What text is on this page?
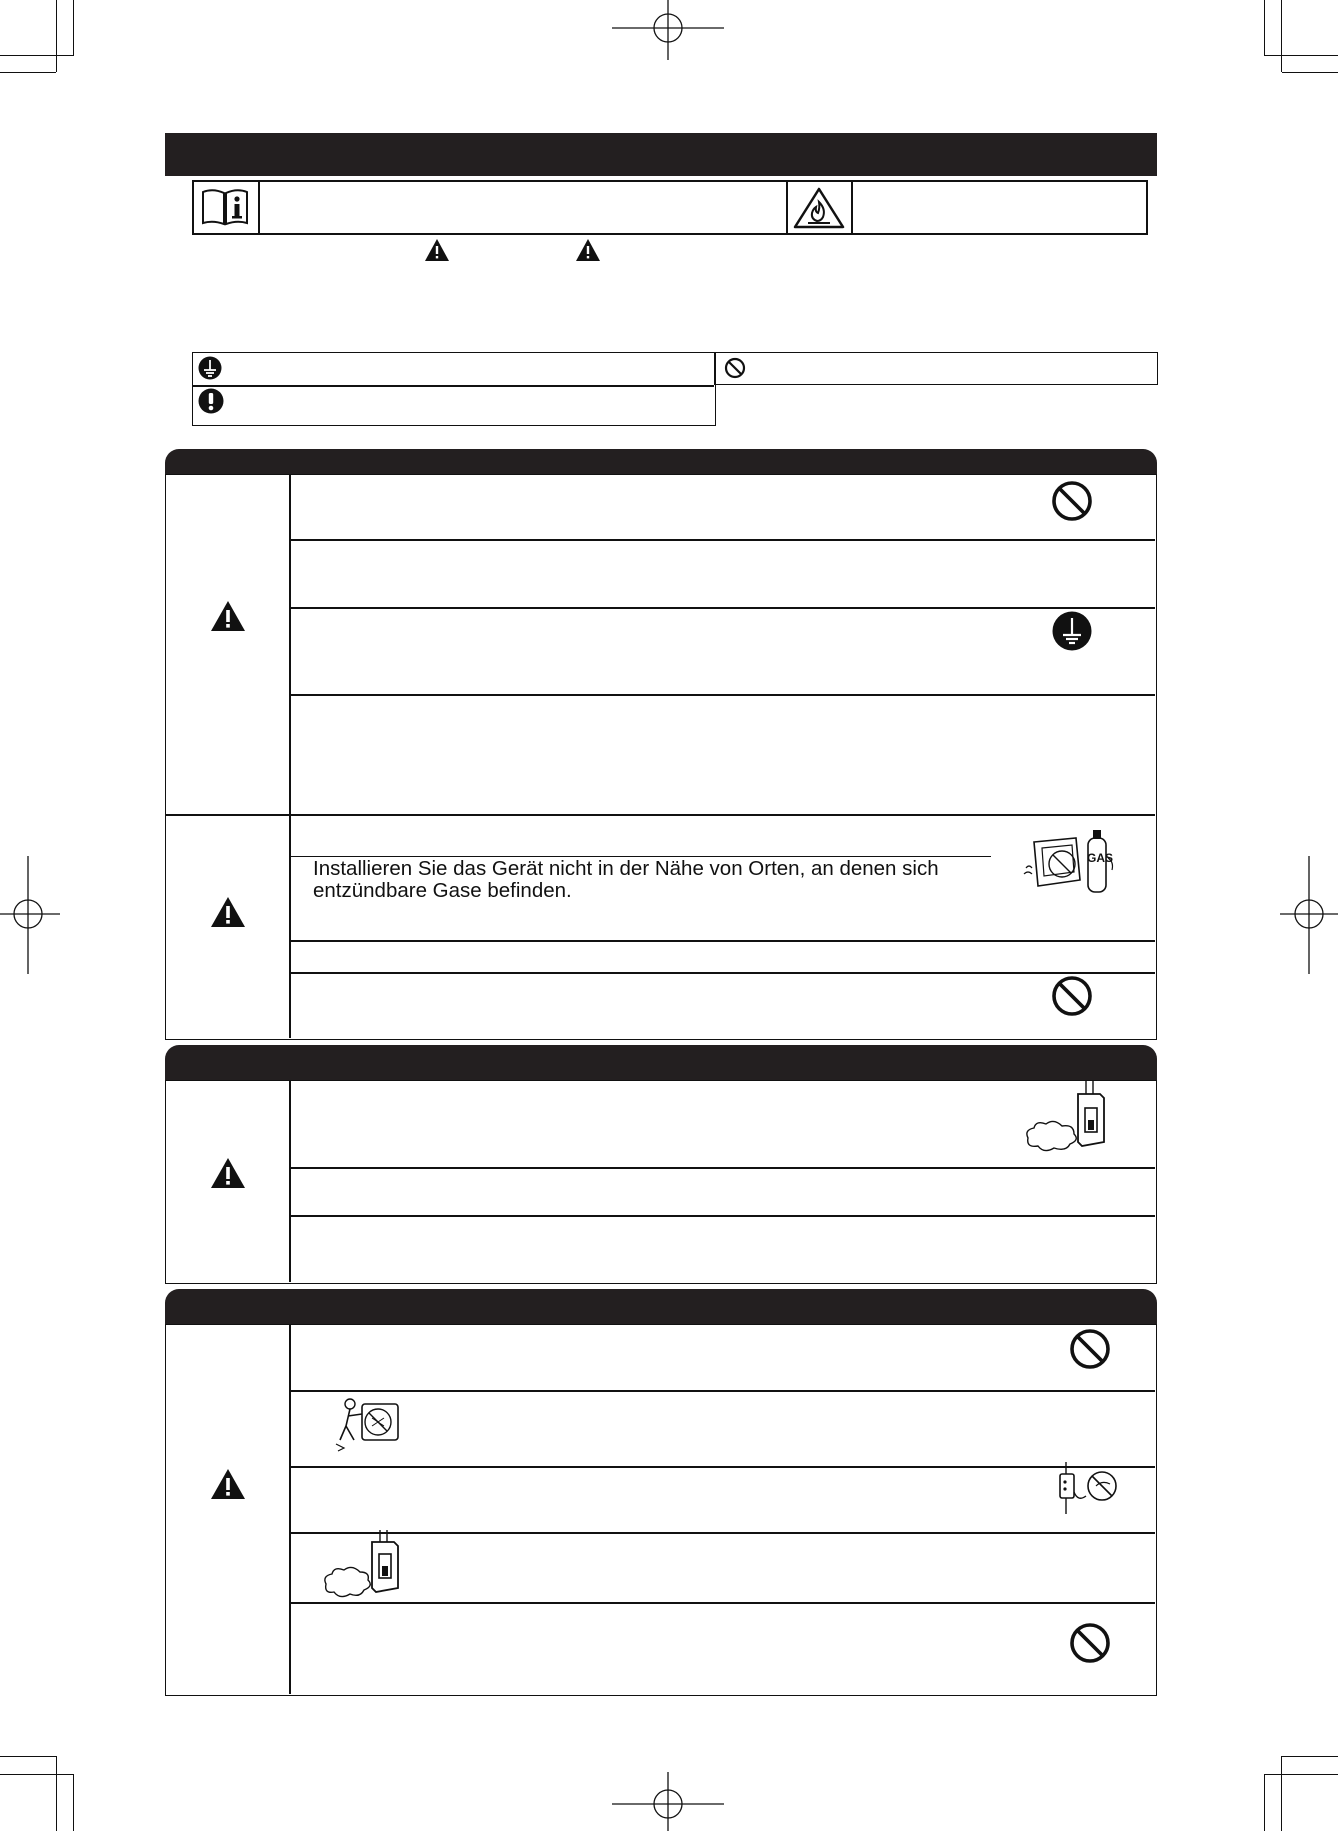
Installieren Sie das Gerät nicht in der Nähe von Orten, an denen sich entzündbare Gase befinden.
GAS
